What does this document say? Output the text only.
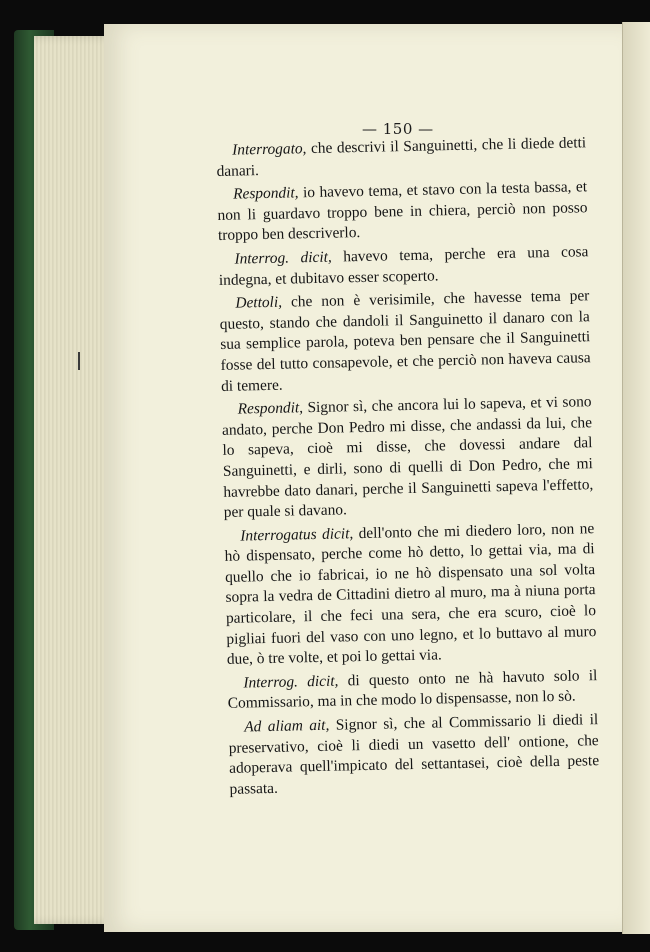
— 150 —

Interrogato, che descrivi il Sanguinetti, che li diede detti danari.

Respondit, io havevo tema, et stavo con la testa bassa, et non li guardavo troppo bene in chiera, perciò non posso troppo ben descriverlo.

Interrog. dicit, havevo tema, perche era una cosa indegna, et dubitavo esser scoperto.

Dettoli, che non è verisimile, che havesse tema per questo, stando che dandoli il Sanguinetto il danaro con la sua semplice parola, poteva ben pensare che il Sanguinetti fosse del tutto consapevole, et che perciò non haveva causa di temere.

Respondit, Signor sì, che ancora lui lo sapeva, et vi sono andato, perche Don Pedro mi disse, che andassi da lui, che lo sapeva, cioè mi disse, che dovessi andare dal Sanguinetti, e dirli, sono di quelli di Don Pedro, che mi havrebbe dato danari, perche il Sanguinetti sapeva l'effetto, per quale si davano.

Interrogatus dicit, dell'onto che mi diedero loro, non ne hò dispensato, perche come hò detto, lo gettai via, ma di quello che io fabricai, io ne hò dispensato una sol volta sopra la vedra de Cittadini dietro al muro, ma à niuna porta particolare, il che feci una sera, che era scuro, cioè lo pigliai fuori del vaso con uno legno, et lo buttavo al muro due, ò tre volte, et poi lo gettai via.

Interrog. dicit, di questo onto ne hà havuto solo il Commissario, ma in che modo lo dispensasse, non lo sò.

Ad aliam ait, Signor sì, che al Commissario li diedi il preservativo, cioè li diedi un vasetto dell' ontione, che adoperava quell'impicato del settantasei, cioè della peste passata.
